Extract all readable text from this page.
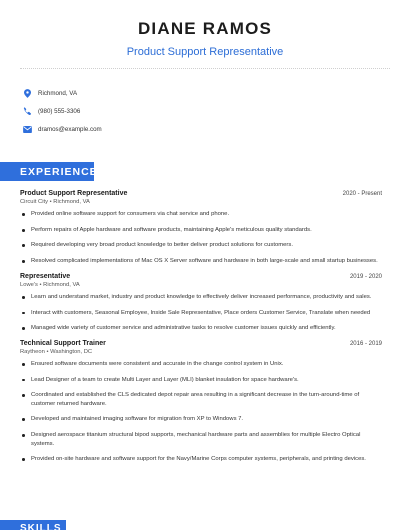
DIANE RAMOS
Product Support Representative
Richmond, VA
(980) 555-3306
dramos@example.com
EXPERIENCE
Product Support Representative	2020 - Present
Circuit City • Richmond, VA
Provided online software support for consumers via chat service and phone.
Perform repairs of Apple hardware and software products, maintaining Apple's meticulous quality standards.
Required developing very broad product knowledge to better deliver product solutions for customers.
Resolved complicated implementations of Mac OS X Server software and hardware in both large-scale and small startup businesses.
Representative	2019 - 2020
Lowe's • Richmond, VA
Learn and understand market, industry and product knowledge to effectively deliver increased performance, productivity and sales.
Interact with customers, Seasonal Employee, Inside Sale Representative, Place orders Customer Service, Translate when needed
Managed wide variety of customer service and administrative tasks to resolve customer issues quickly and efficiently.
Technical Support Trainer	2016 - 2019
Raytheon • Washington, DC
Ensured software documents were consistent and accurate in the change control system in Unix.
Lead Designer of a team to create Multi Layer and Layer (MLI) blanket insulation for space hardware's.
Coordinated and established the CLS dedicated depot repair area resulting in a significant decrease in the turn-around-time of customer returned hardware.
Developed and maintained imaging software for migration from XP to Windows 7.
Designed aerospace titanium structural bipod supports, mechanical hardware parts and assemblies for multiple Electro Optical systems.
Provided on-site hardware and software support for the Navy/Marine Corps computer systems, peripherals, and printing devices.
SKILLS
